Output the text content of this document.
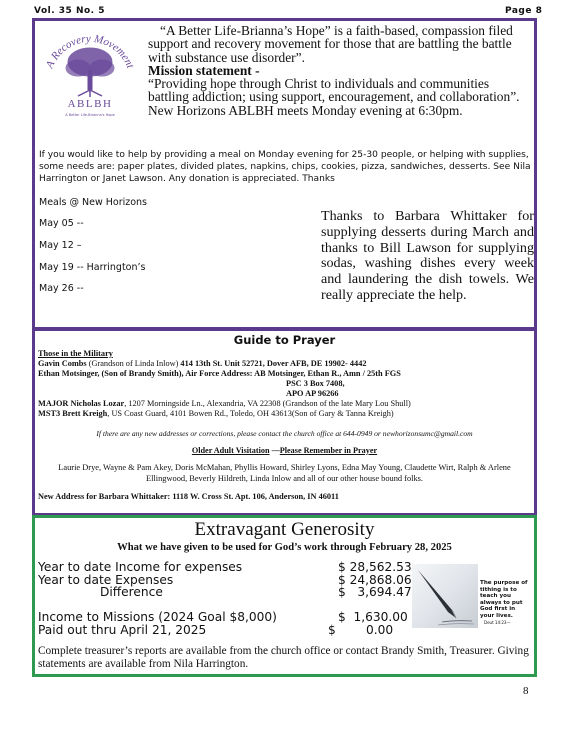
Vol. 35 No. 5	Page 8
A Recovery Movement
ABLBH
A Better Life-Brianna's Hope

“A Better Life-Brianna’s Hope” is a faith-based, compassion filed support and recovery movement for those that are battling the battle with substance use disorder”.

Mission statement -

“Providing hope through Christ to individuals and communities battling addiction; using support, encouragement, and collaboration”.

New Horizons ABLBH meets Monday evening at 6:30pm.

If you would like to help by providing a meal on Monday evening for 25-30 people, or helping with supplies, some needs are: paper plates, divided plates, napkins, chips, cookies, pizza, sandwiches, desserts. See Nila Harrington or Janet Lawson. Any donation is appreciated. Thanks
Meals @ New Horizons
May 05 --
May 12 –
May 19 -- Harrington’s
May 26 --
Thanks to Barbara Whittaker for supplying desserts during March and thanks to Bill Lawson for supplying sodas, washing dishes every week and laundering the dish towels. We really appreciate the help.
Guide to Prayer

Those in the Military

Gavin Combs (Grandson of Linda Inlow) 414 13th St. Unit 52721, Dover AFB, DE 19902- 4442

Ethan Motsinger, (Son of Brandy Smith), Air Force Address: AB Motsinger, Ethan R., Amn / 25th FGS

PSC 3 Box 7408,

APO AP 96266

MAJOR Nicholas Lozar, 1207 Morningside Ln., Alexandria, VA 22308 (Grandson of the late Mary Lou Shull)

MST3 Brett Kreigh, US Coast Guard, 4101 Bowen Rd., Toledo, OH 43613(Son of Gary & Tanna Kreigh)

If there are any new addresses or corrections, please contact the church office at 644-0949 or newhorizonsumc@gmail.com
Older Adult Visitation —Please Remember in Prayer
Laurie Drye, Wayne & Pam Akey, Doris McMahan, Phyllis Howard, Shirley Lyons, Edna May Young, Claudette Wirt, Ralph & Arlene Ellingwood, Beverly Hildreth, Linda Inlow and all of our other house bound folks.
New Address for Barbara Whittaker: 1118 W. Cross St. Apt. 106, Anderson, IN 46011
Extravagant Generosity
What we have given to be used for God’s work through February 28, 2025
Year to date Income for expenses	$ 28,562.53
Year to date Expenses	$ 24,868.06
Difference	$   3,694.47
Income to Missions (2024 Goal $8,000)	$  1,630.00
Paid out thru April 21, 2025	$ 0.00
The purpose of tithing is to teach you always to put God first in your lives.
Deut 14:23—
Complete treasurer’s reports are available from the church office or contact Brandy Smith, Treasurer. Giving statements are available from Nila Harrington.
8
